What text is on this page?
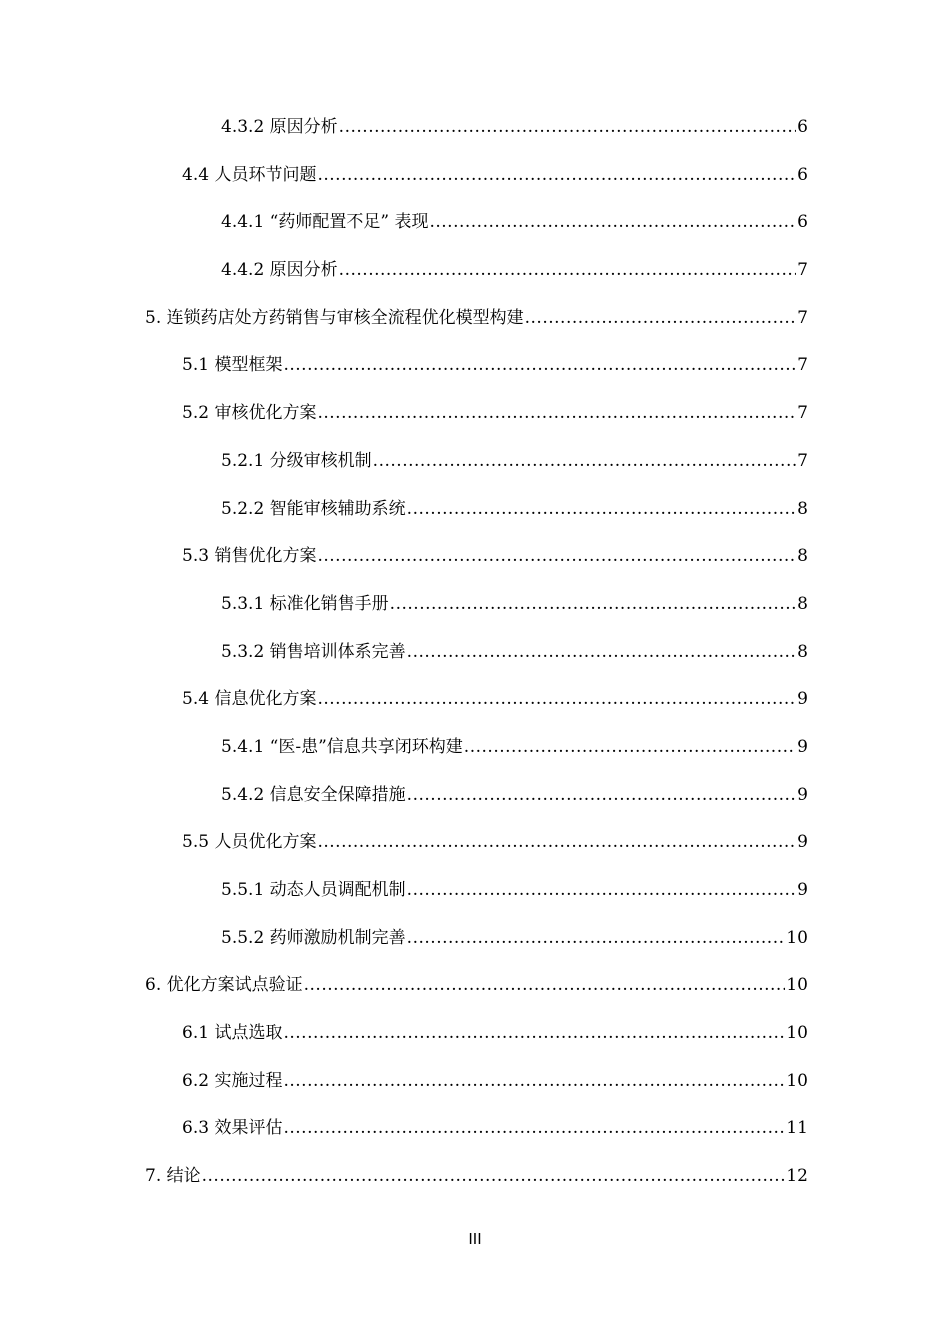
4.3.2 原因分析 .....	6
4.4 人员环节问题 .....	6
4.4.1 “药师配置不足” 表现 .....	6
4.4.2 原因分析 .....	7
5. 连锁药店处方药销售与审核全流程优化模型构建 .....	7
5.1 模型框架 .....	7
5.2 审核优化方案 .....	7
5.2.1 分级审核机制 .....	7
5.2.2 智能审核辅助系统 .....	8
5.3 销售优化方案 .....	8
5.3.1 标准化销售手册 .....	8
5.3.2 销售培训体系完善 .....	8
5.4 信息优化方案 .....	9
5.4.1 “医-患”信息共享闭环构建 .....	9
5.4.2 信息安全保障措施 .....	9
5.5 人员优化方案 .....	9
5.5.1 动态人员调配机制 .....	9
5.5.2 药师激励机制完善 .....	10
6. 优化方案试点验证 .....	10
6.1 试点选取 .....	10
6.2 实施过程 .....	10
6.3 效果评估 .....	11
7. 结论 .....	12
III
